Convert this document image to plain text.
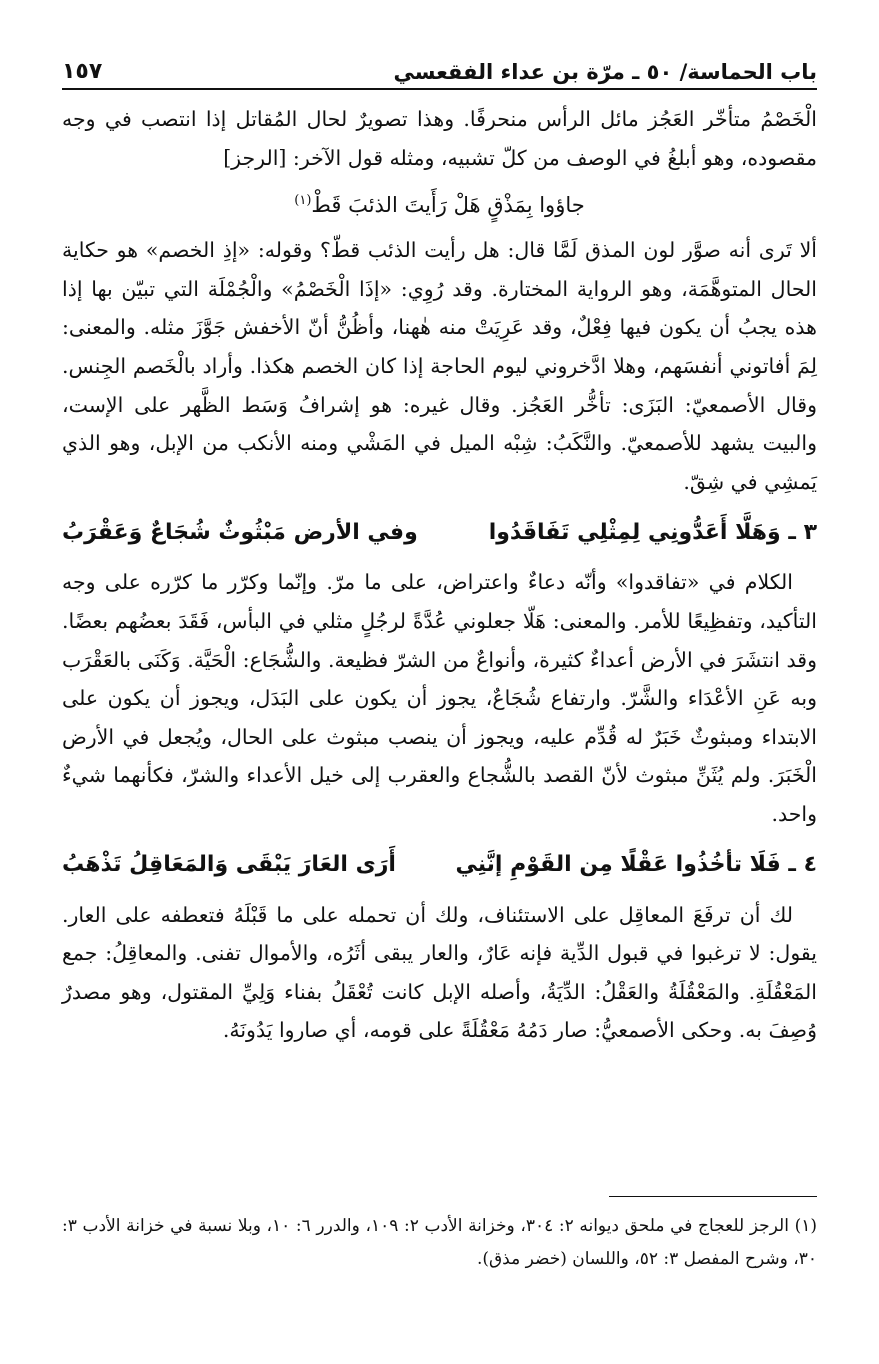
باب الحماسة/ ٥٠ ـ مرّة بن عداء الفقعسي
١٥٧

الْخَصْمُ متأخّر العَجُز مائل الرأس منحرفًا. وهذا تصويرٌ لحال المُقاتل إذا انتصب في وجه مقصوده، وهو أبلغُ في الوصف من كلّ تشبيه، ومثله قول الآخر: [الرجز]

جاؤوا بِمَذْقٍ هَلْ رَأَيتَ الذئبَ قَطْ$^{(١)}$

ألا تَرى أنه صوَّر لون المذق لَمَّا قال: هل رأيت الذئب قطّ؟ وقوله: «إذِ الخصم» هو حكاية الحال المتوهَّمَة، وهو الرواية المختارة. وقد رُوِي: «إذَا الْخَصْمُ» والْجُمْلَة التي تبيّن بها إذا هذه يجبُ أن يكون فيها فِعْلٌ، وقد عَرِيَتْ منه هٰهنا، وأظُنُّ أنّ الأخفش جَوَّزَ مثله. والمعنى: لِمَ أفاتوني أنفسَهم، وهلا ادَّخروني ليوم الحاجة إذا كان الخصم هكذا. وأراد بالْخَصم الجِنس. وقال الأصمعيّ: البَزَى: تأخُّر العَجُز. وقال غيره: هو إشرافُ وَسَط الظَّهر على الإست، والبيت يشهد للأصمعيّ. والنَّكَبُ: شِبْه الميل في المَشْي ومنه الأنكب من الإبل، وهو الذي يَمشِي في شِقّ.

٣ ـ وَهَلَّا أَعَدُّونِي لِمِثْلِي تَفَاقَدُوا
وفي الأرض مَبْثُوثٌ شُجَاعٌ وَعَقْرَبُ

الكلام في «تفاقدوا» وأنّه دعاءٌ واعتراض، على ما مرّ. وإنّما وكرّر ما كرّره على وجه التأكيد، وتفظِيعًا للأمر. والمعنى: هَلّا جعلوني عُدَّةً لرجُلٍ مثلي في البأس، فَقَدَ بعضُهم بعضًا. وقد انتشَرَ في الأرض أعداءٌ كثيرة، وأنواعٌ من الشرّ فظيعة. والشُّجَاع: الْحَيَّة. وَكَنَى بالعَقْرَب وبه عَنِ الأعْدَاء والشَّرّ. وارتفاع شُجَاعٌ، يجوز أن يكون على البَدَل، ويجوز أن يكون على الابتداء ومبثوثٌ خَبَرٌ له قُدِّم عليه، ويجوز أن ينصب مبثوث على الحال، ويُجعل في الأرض الْخَبَرَ. ولم يُثَنِّ مبثوث لأنّ القصد بالشُّجاع والعقرب إلى خيل الأعداء والشرّ، فكأنهما شيءٌ واحد.

٤ ـ فَلَا تأخُذُوا عَقْلًا مِن القَوْمِ إنَّنِي
أَرَى العَارَ يَبْقَى وَالمَعَاقِلُ تَذْهَبُ

لك أن ترفَعَ المعاقِل على الاستئناف، ولك أن تحمله على ما قَبْلَهُ فتعطفه على العار. يقول: لا ترغبوا في قبول الدِّية فإنه عَارٌ، والعار يبقى أثَرُه، والأموال تفنى. والمعاقِلُ: جمع المَعْقُلَةِ. والمَعْقُلَةُ والعَقْلُ: الدِّيَةُ، وأصله الإبل كانت تُعْقَلُ بفناء وَلِيِّ المقتول، وهو مصدرٌ وُصِفَ به. وحكى الأصمعيُّ: صار دَمُهُ مَعْقُلَةً على قومه، أي صاروا يَدُونَهُ.

(١) الرجز للعجاج في ملحق ديوانه ٢: ٣٠٤، وخزانة الأدب ٢: ١٠٩، والدرر ٦: ١٠، وبلا نسبة في خزانة الأدب ٣: ٣٠، وشرح المفصل ٣: ٥٢، واللسان (خضر مذق).
